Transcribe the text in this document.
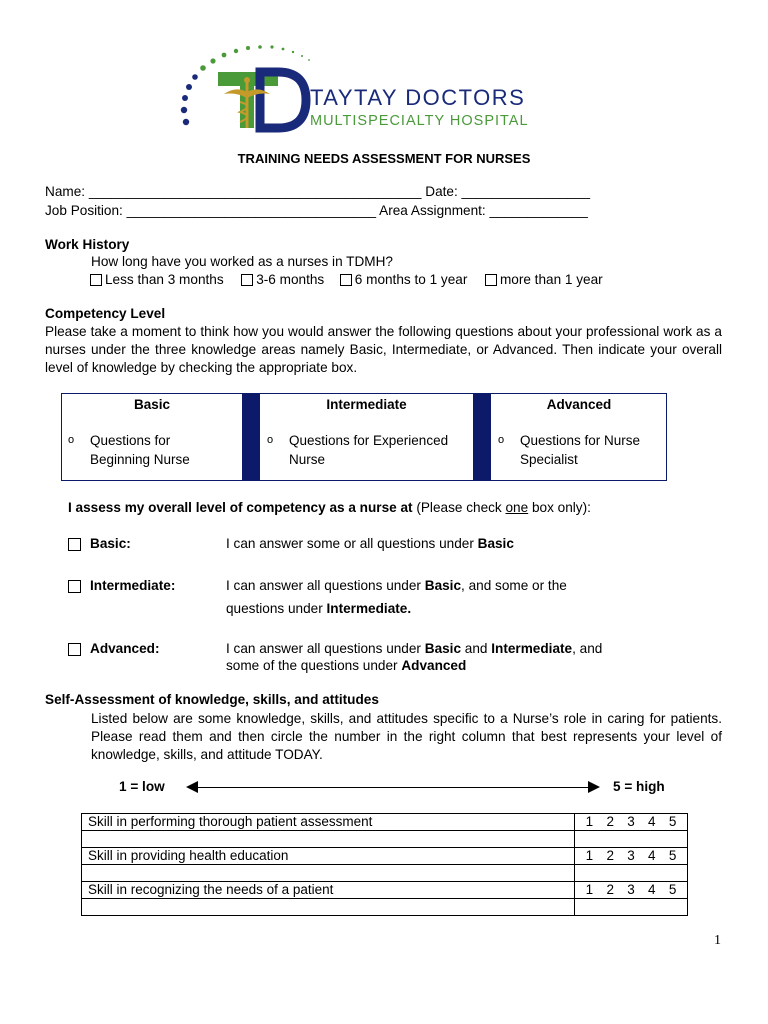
TAYTAY DOCTORS
MULTISPECIALTY HOSPITAL
TRAINING NEEDS ASSESSMENT FOR NURSES
Name: ____________________________________________ Date: _________________
Job Position: _________________________________ Area Assignment: _____________
Work History
How long have you worked as a nurses in TDMH?
Less than 3 months 3-6 months 6 months to 1 year more than 1 year
Competency Level
Please take a moment to think how you would answer the following questions about your professional work as a nurses under the three knowledge areas namely Basic, Intermediate, or Advanced. Then indicate your overall level of knowledge by checking the appropriate box.
Basic	Intermediate	Advanced
o Questions for Beginning Nurse
o Questions for Experienced Nurse
o Questions for Nurse Specialist
I assess my overall level of competency as a nurse at (Please check one box only):
Basic:	I can answer some or all questions under Basic
Intermediate:	I can answer all questions under Basic, and some or the
questions under Intermediate.
Advanced:	I can answer all questions under Basic and Intermediate, and
some of the questions under Advanced
Self-Assessment of knowledge, skills, and attitudes
Listed below are some knowledge, skills, and attitudes specific to a Nurse’s role in caring for patients. Please read them and then circle the number in the right column that best represents your level of knowledge, skills, and attitude TODAY.
1 = low	5 = high
Skill in performing thorough patient assessment	1 2 3 4 5

Skill in providing health education	1 2 3 4 5

Skill in recognizing the needs of a patient	1 2 3 4 5

1
